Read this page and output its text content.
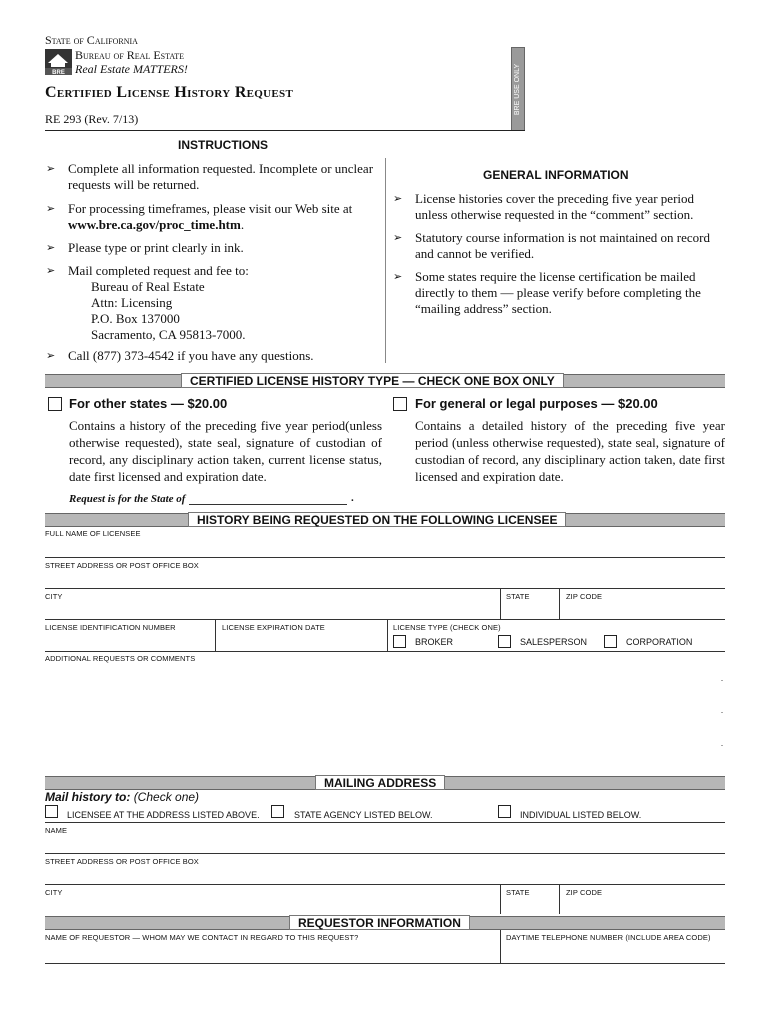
State of California
BRE
Bureau of Real Estate
Real Estate MATTERS!
Certified License History Request
RE 293 (Rev. 7/13)
BRE USE ONLY
INSTRUCTIONS
➢ Complete all information requested. Incomplete or unclear requests will be returned.
➢ For processing timeframes, please visit our Web site at
www.bre.ca.gov/proc_time.htm.
➢ Please type or print clearly in ink.
➢ Mail completed request and fee to:
Bureau of Real Estate
Attn: Licensing
P.O. Box 137000
Sacramento, CA 95813-7000.
➢ Call (877) 373-4542 if you have any questions.
GENERAL INFORMATION
➢ License histories cover the preceding five year period unless otherwise requested in the “comment” section.
➢ Statutory course information is not maintained on record and cannot be verified.
➢ Some states require the license certification be mailed directly to them — please verify before completing the “mailing address” section.
CERTIFIED LICENSE HISTORY TYPE — CHECK ONE BOX ONLY
For other states — $20.00
Contains a history of the preceding five year period(unless otherwise requested), state seal, signature of custodian of record, any disciplinary action taken, current license status, date first licensed and expiration date.
For general or legal purposes — $20.00
Contains a detailed history of the preceding five year period (unless otherwise requested), state seal, signature of custodian of record, any disciplinary action taken, date first licensed and expiration date.
Request is for the State of	.
HISTORY BEING REQUESTED ON THE FOLLOWING LICENSEE
FULL NAME OF LICENSEE
STREET ADDRESS OR POST OFFICE BOX
CITY	STATE	ZIP CODE
LICENSE IDENTIFICATION NUMBER	LICENSE EXPIRATION DATE	LICENSE TYPE (CHECK ONE)
BROKER	SALESPERSON	CORPORATION
ADDITIONAL REQUESTS OR COMMENTS
.
.
.
MAILING ADDRESS
Mail history to: (Check one)
LICENSEE AT THE ADDRESS LISTED ABOVE.	STATE AGENCY LISTED BELOW.	INDIVIDUAL LISTED BELOW.
NAME
STREET ADDRESS OR POST OFFICE BOX
CITY	STATE	ZIP CODE
REQUESTOR INFORMATION
NAME OF REQUESTOR — WHOM MAY WE CONTACT IN REGARD TO THIS REQUEST?	DAYTIME TELEPHONE NUMBER (INCLUDE AREA CODE)
